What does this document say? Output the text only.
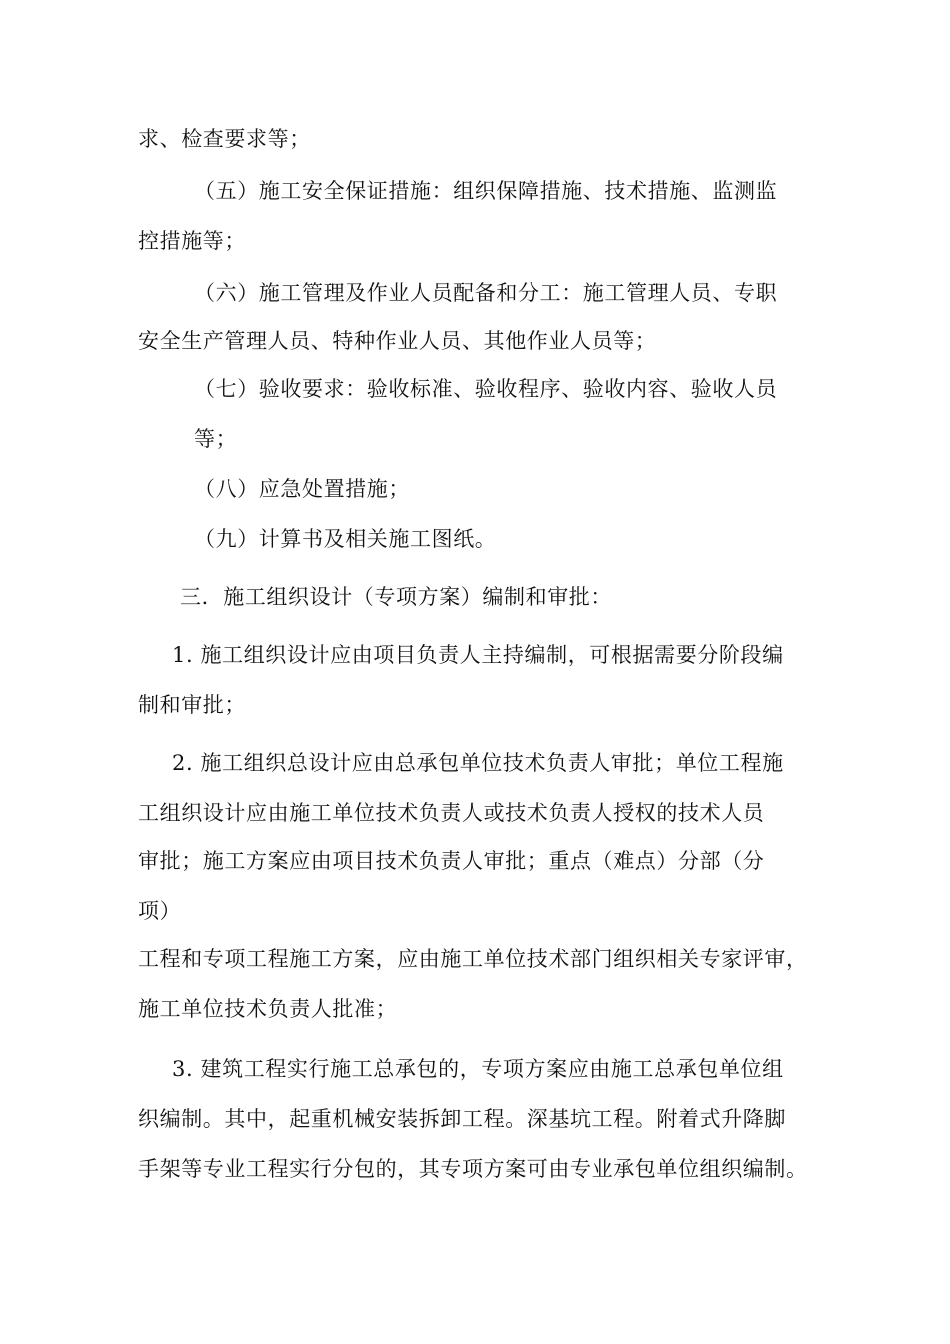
求、检查要求等；

（五）施工安全保证措施：组织保障措施、技术措施、监测监

控措施等；

（六）施工管理及作业人员配备和分工：施工管理人员、专职

安全生产管理人员、特种作业人员、其他作业人员等；

（七）验收要求：验收标准、验收程序、验收内容、验收人员

等；

（八）应急处置措施；

（九）计算书及相关施工图纸。

三．施工组织设计（专项方案）编制和审批：

1. 施工组织设计应由项目负责人主持编制，可根据需要分阶段编

制和审批；

2. 施工组织总设计应由总承包单位技术负责人审批；单位工程施

工组织设计应由施工单位技术负责人或技术负责人授权的技术人员

审批；施工方案应由项目技术负责人审批；重点（难点）分部（分

项）

工程和专项工程施工方案，应由施工单位技术部门组织相关专家评审，

施工单位技术负责人批准；

3. 建筑工程实行施工总承包的，专项方案应由施工总承包单位组

织编制。其中，起重机械安装拆卸工程。深基坑工程。附着式升降脚

手架等专业工程实行分包的，其专项方案可由专业承包单位组织编制。
